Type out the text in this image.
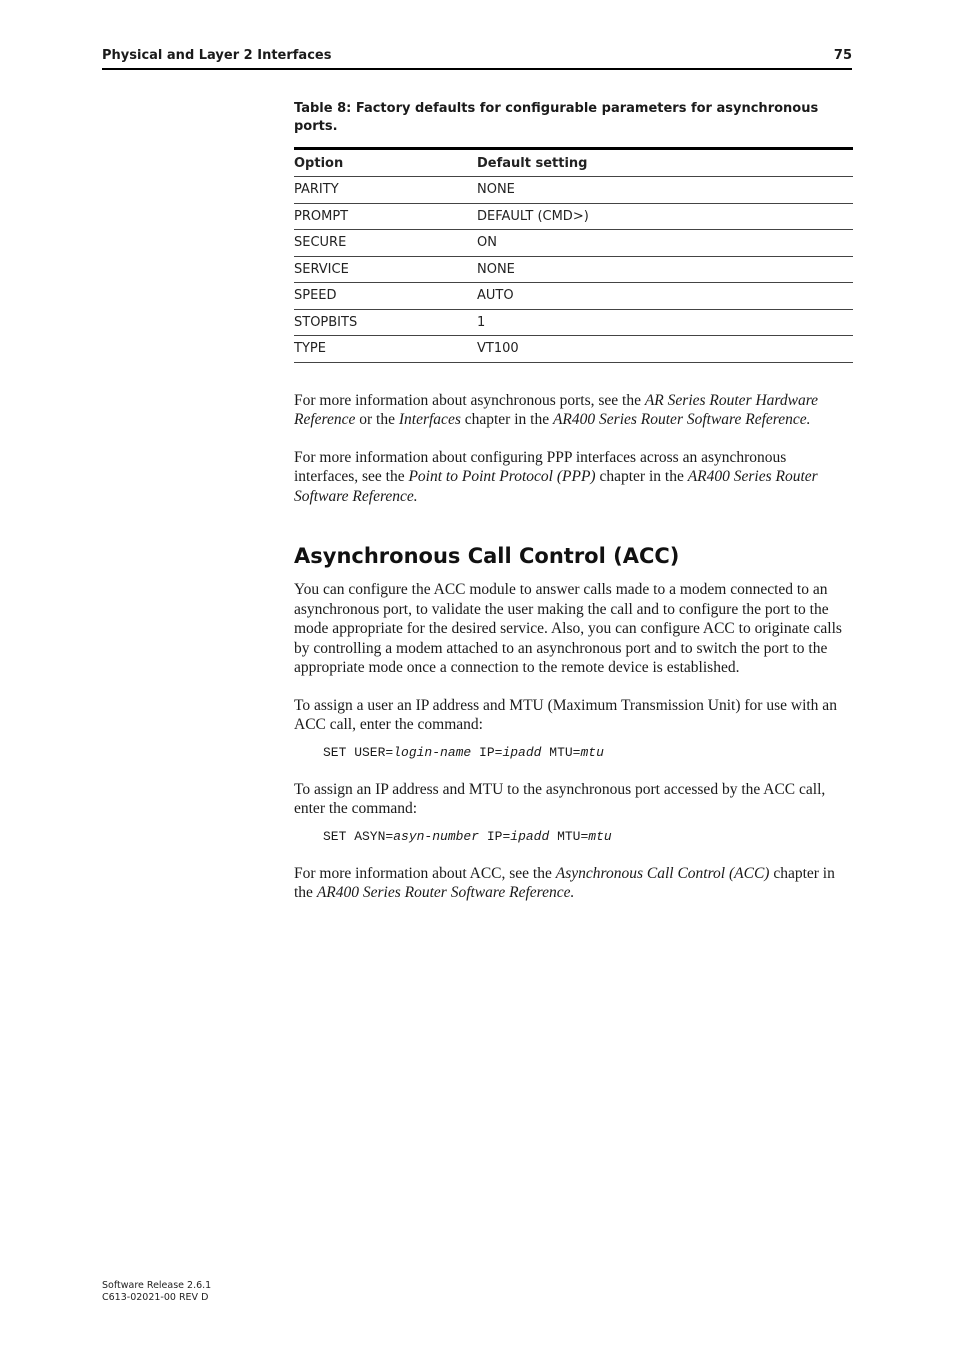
Physical and Layer 2 Interfaces	75

Table 8: Factory defaults for configurable parameters for asynchronous ports.

Option	Default setting
PARITY	NONE
PROMPT	DEFAULT (CMD>)
SECURE	ON
SERVICE	NONE
SPEED	AUTO
STOPBITS	1
TYPE	VT100

For more information about asynchronous ports, see the AR Series Router Hardware Reference or the Interfaces chapter in the AR400 Series Router Software Reference.

For more information about configuring PPP interfaces across an asynchronous interfaces, see the Point to Point Protocol (PPP) chapter in the AR400 Series Router Software Reference.

Asynchronous Call Control (ACC)

You can configure the ACC module to answer calls made to a modem connected to an asynchronous port, to validate the user making the call and to configure the port to the mode appropriate for the desired service. Also, you can configure ACC to originate calls by controlling a modem attached to an asynchronous port and to switch the port to the appropriate mode once a connection to the remote device is established.

To assign a user an IP address and MTU (Maximum Transmission Unit) for use with an ACC call, enter the command:

SET USER=login-name IP=ipadd MTU=mtu

To assign an IP address and MTU to the asynchronous port accessed by the ACC call, enter the command:

SET ASYN=asyn-number IP=ipadd MTU=mtu

For more information about ACC, see the Asynchronous Call Control (ACC) chapter in the AR400 Series Router Software Reference.

Software Release 2.6.1
C613-02021-00 REV D
